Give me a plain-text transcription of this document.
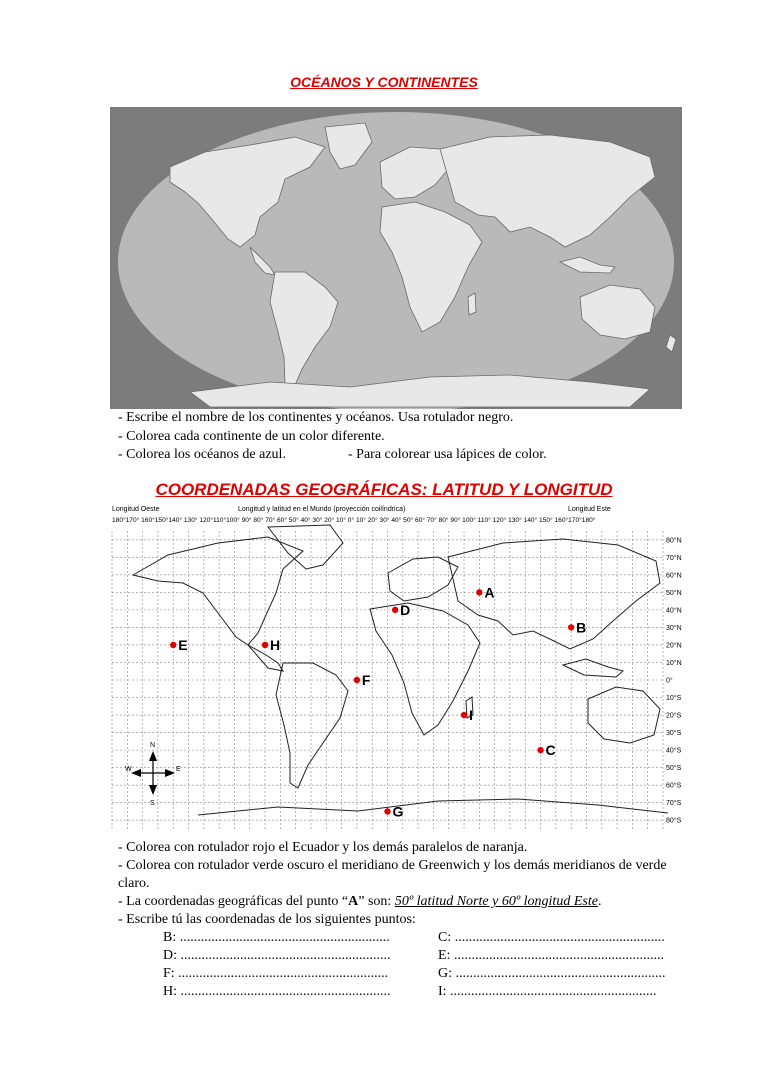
OCÉANOS Y CONTINENTES
- Escribe el nombre de los continentes y océanos. Usa rotulador negro.
- Colorea cada continente de un color diferente.
- Colorea los océanos de azul.	- Para colorear usa lápices de color.
COORDENADAS GEOGRÁFICAS: LATITUD Y LONGITUD
Longitud Oeste	Longitud y latitud en el Mundo (proyección coilíndrica)	Longitud Este
180°170° 160°150°140° 130° 120°110°100° 90° 80° 70° 60° 50° 40° 30° 20° 10° 0° 10° 20° 30° 40° 50° 60° 70° 80° 90° 100° 110° 120° 130° 140° 150° 160°170°180°
80°N
70°N
60°N
50°N
40°N
30°N
20°N
10°N
0°
10°S
20°S
30°S
40°S
50°S
60°S
70°S
80°S
N
S
E
W
A
B
C
D
E
F
G
H
I
- Colorea con rotulador rojo el Ecuador y los demás paralelos de naranja.
- Colorea con rotulador verde oscuro el meridiano de Greenwich y los demás meridianos de verde claro.
- La coordenadas geográficas del punto “A” son: 50º latitud Norte y 60º longitud Este.
- Escribe tú las coordenadas de los siguientes puntos:
B: ............................................................	C: ............................................................
D: ............................................................	E: ............................................................
F: ............................................................	G: ............................................................
H: ............................................................	I: ...........................................................
